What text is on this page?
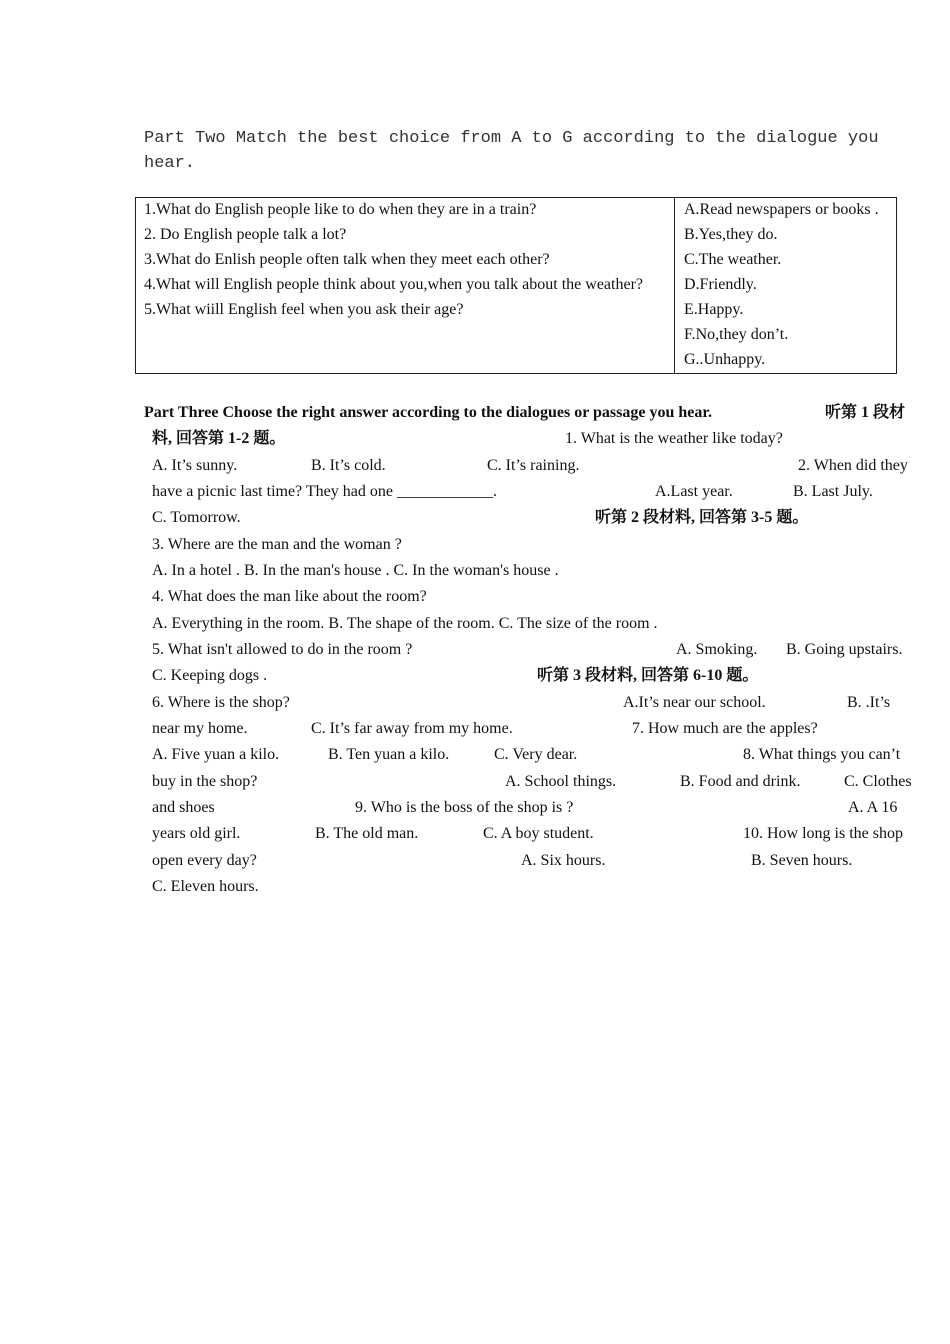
Part Two Match the best choice from A to G according to the dialogue you hear.
1.What do English people like to do when they are in a train?
2. Do English people talk a lot?
3.What do Enlish people often talk when they meet each other?
4.What will English people think about you,when you talk about the weather?
5.What wiill English feel when you ask their age?
A.Read newspapers or books .
B.Yes,they do.
C.The weather.
D.Friendly.
E.Happy.
F.No,they don’t.
G..Unhappy.
Part Three Choose the right answer according to the dialogues or passage you hear.	听第 1 段材
料, 回答第 1-2 题。	1. What is the weather like today?
A. It’s sunny.	B. It’s cold.	C. It’s raining.	2. When did they
have a picnic last time? They had one ____________.	A.Last year.	B. Last July.
C. Tomorrow.	听第 2 段材料, 回答第 3-5 题。
3. Where are the man and the woman ?
A. In a hotel . B. In the man's house . C. In the woman's house .
4. What does the man like about the room?
A. Everything in the room. B. The shape of the room. C. The size of the room .
5. What isn't allowed to do in the room ?	A. Smoking. B. Going upstairs.
C. Keeping dogs .	听第 3 段材料, 回答第 6-10 题。
6. Where is the shop?	A.It’s near our school.	B. .It’s
near my home.	C. It’s far away from my home.	7. How much are the apples?
A. Five yuan a kilo.	B. Ten yuan a kilo.	C. Very dear.	8. What things you can’t
buy in the shop?	A. School things.	B. Food and drink.	C. Clothes
and shoes	9. Who is the boss of the shop is ?	A. A 16
years old girl.	B. The old man.	C. A boy student.	10. How long is the shop
open every day?	A. Six hours.	B. Seven hours.
C. Eleven hours.
